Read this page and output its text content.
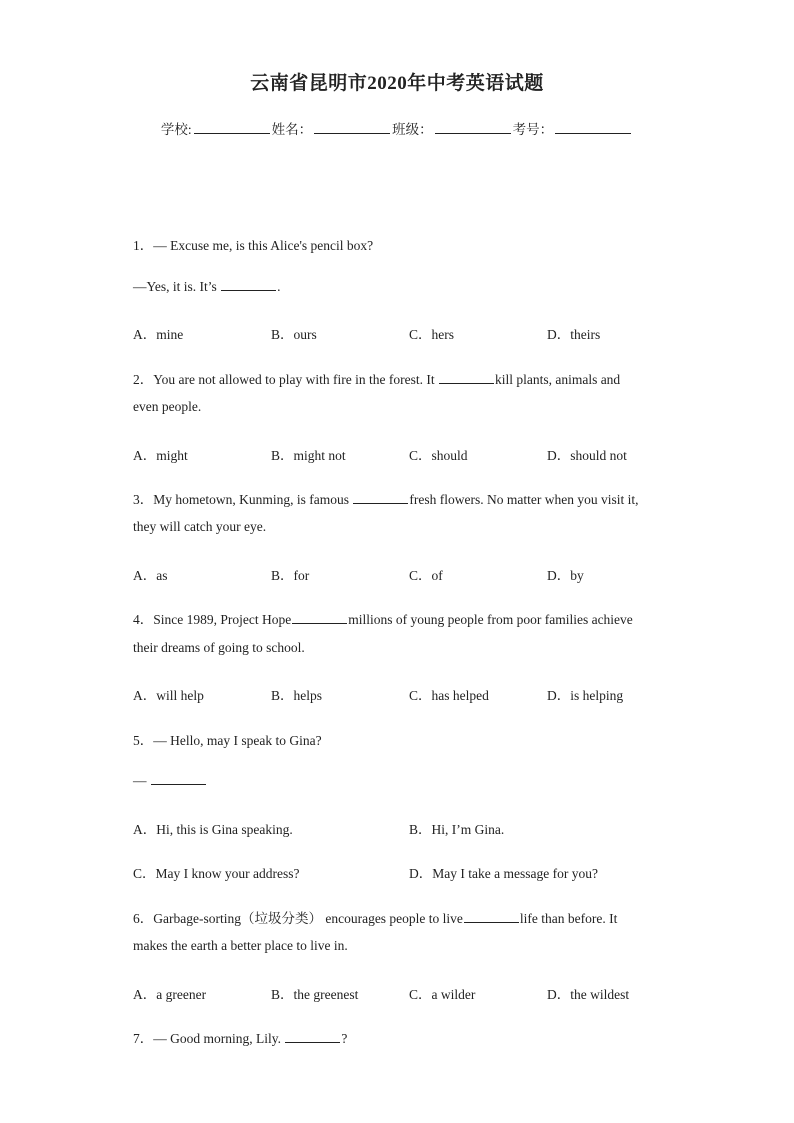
云南省昆明市2020年中考英语试题
学校:	姓名：	班级：	考号：
1．— Excuse me, is this Alice's pencil box?
—Yes, it is. It’s	.
A．mine	B．ours	C．hers	D．theirs
2．You are not allowed to play with fire in the forest. It	kill plants, animals and
even people.
A．might	B．might not	C．should	D．should not
3．My hometown, Kunming, is famous	fresh flowers. No matter when you visit it,
they will catch your eye.
A．as	B．for	C．of	D．by
4．Since 1989, Project Hope	millions of young people from poor families achieve
their dreams of going to school.
A．will help	B．helps	C．has helped	D．is helping
5．— Hello, may I speak to Gina?
—
A．Hi, this is Gina speaking.	B．Hi, I’m Gina.
C．May I know your address?	D．May I take a message for you?
6．Garbage-sorting（垃圾分类） encourages people to live	life than before. It
makes the earth a better place to live in.
A．a greener	B．the greenest	C．a wilder	D．the wildest
7．— Good morning, Lily.	?
